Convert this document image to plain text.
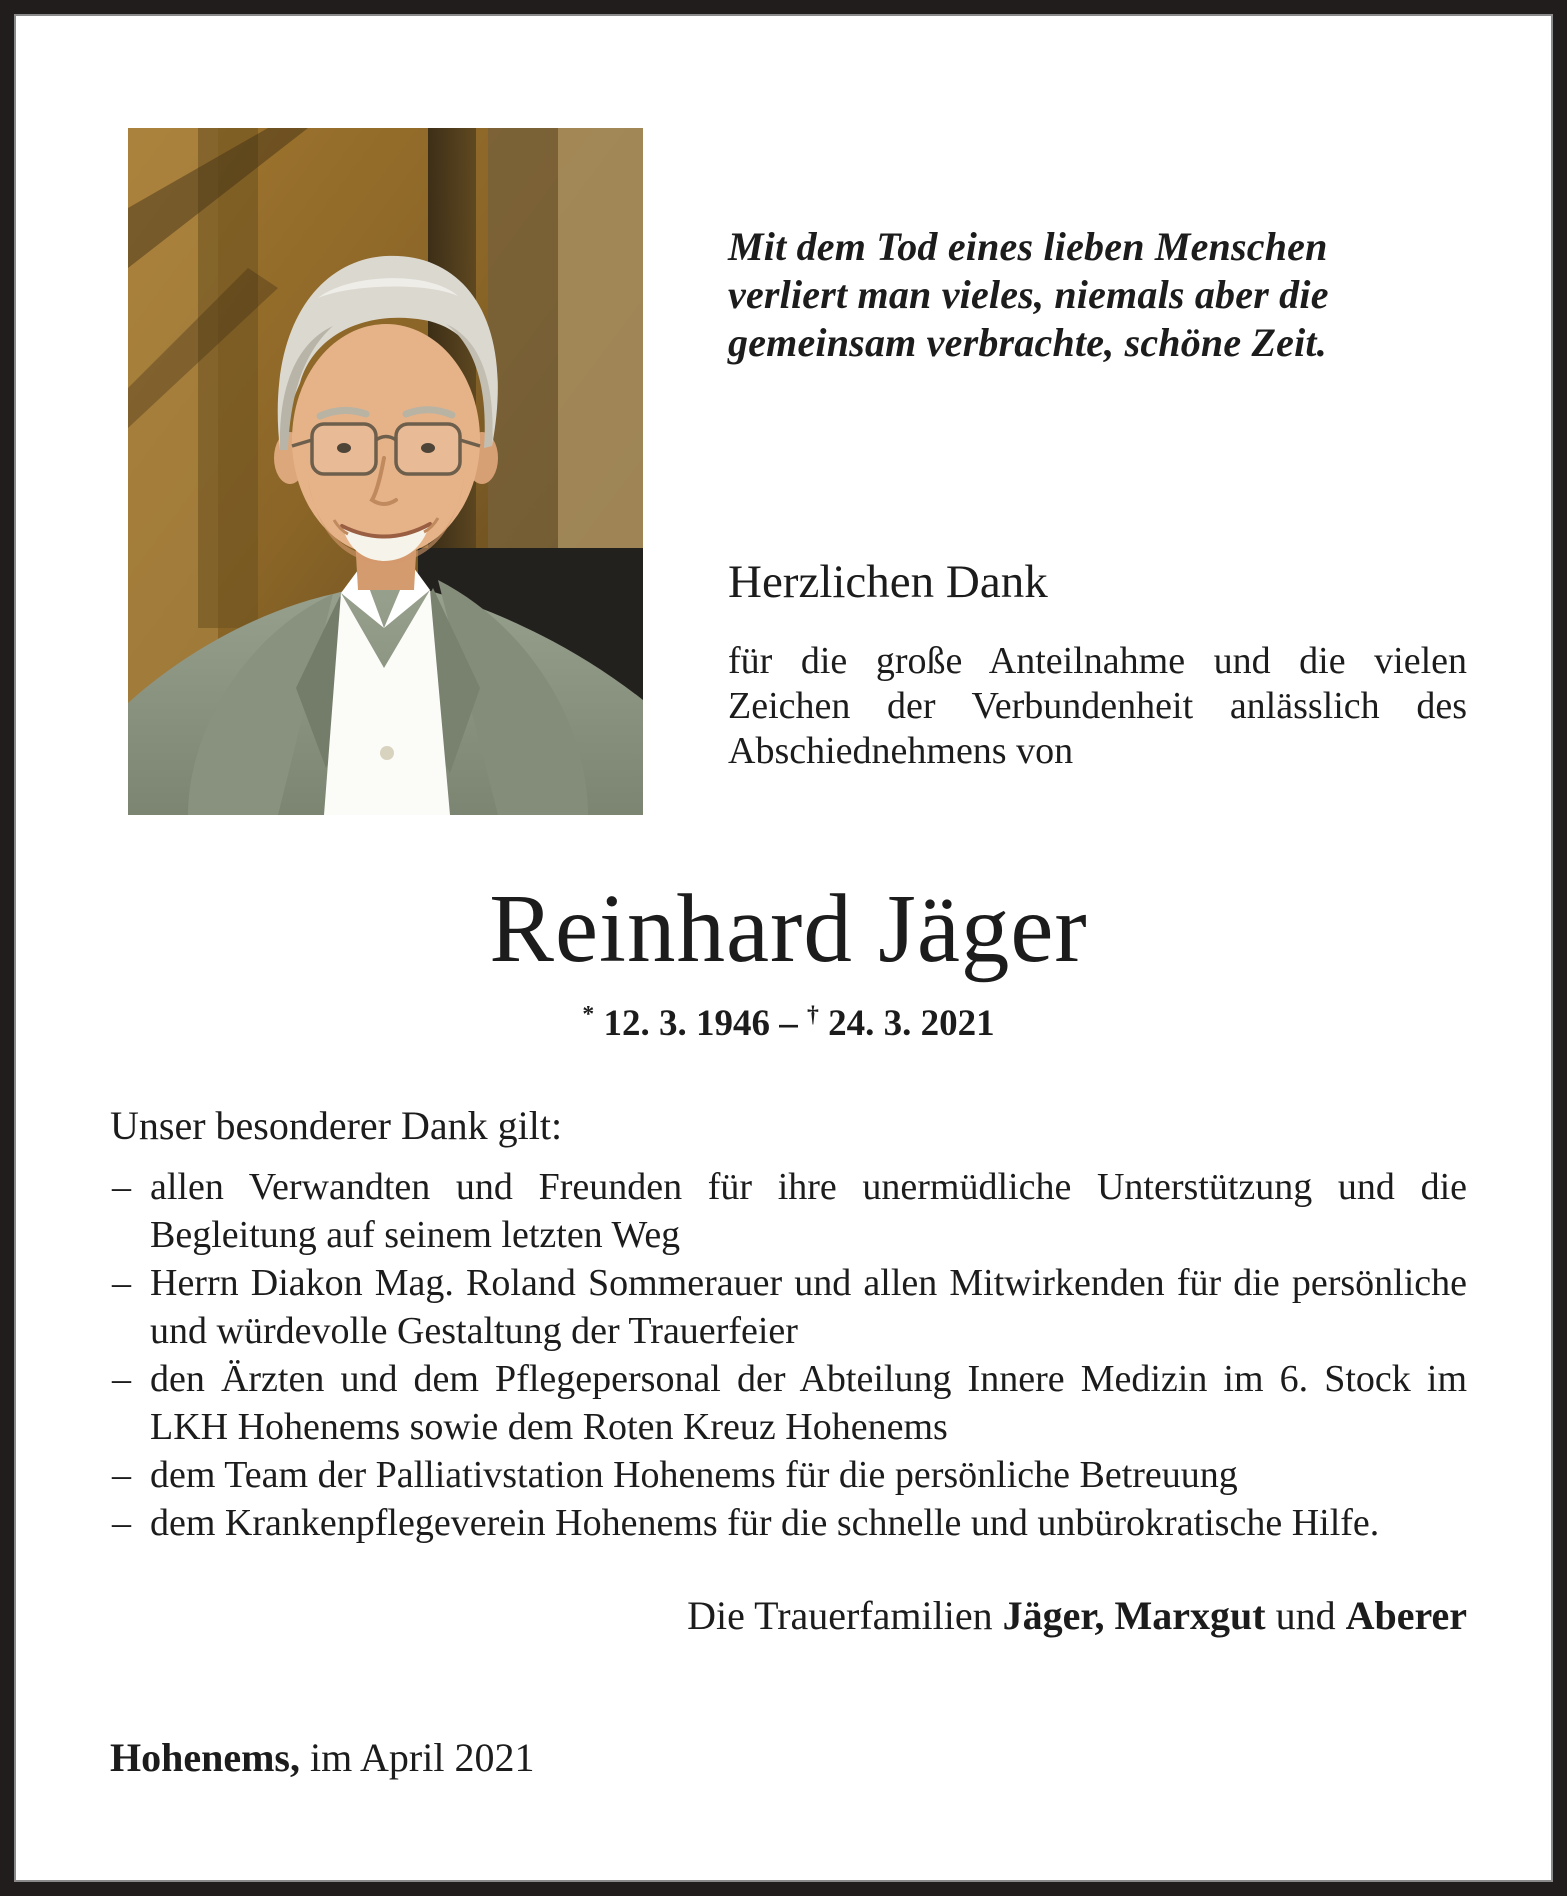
Mit dem Tod eines lieben Menschen
verliert man vieles, niemals aber die
gemeinsam verbrachte, schöne Zeit.
Herzlichen Dank
für die große Anteilnahme und die vielen Zeichen der Verbundenheit anlässlich des Abschiednehmens von
Reinhard Jäger
* 12. 3. 1946 – † 24. 3. 2021
Unser besonderer Dank gilt:
– allen Verwandten und Freunden für ihre unermüdliche Unterstützung und die Begleitung auf seinem letzten Weg
– Herrn Diakon Mag. Roland Sommerauer und allen Mitwirkenden für die persönliche und würdevolle Gestaltung der Trauerfeier
– den Ärzten und dem Pflegepersonal der Abteilung Innere Medizin im 6. Stock im LKH Hohenems sowie dem Roten Kreuz Hohenems
– dem Team der Palliativstation Hohenems für die persönliche Betreuung
– dem Krankenpflegeverein Hohenems für die schnelle und unbürokratische Hilfe.
Die Trauerfamilien Jäger, Marxgut und Aberer
Hohenems, im April 2021
